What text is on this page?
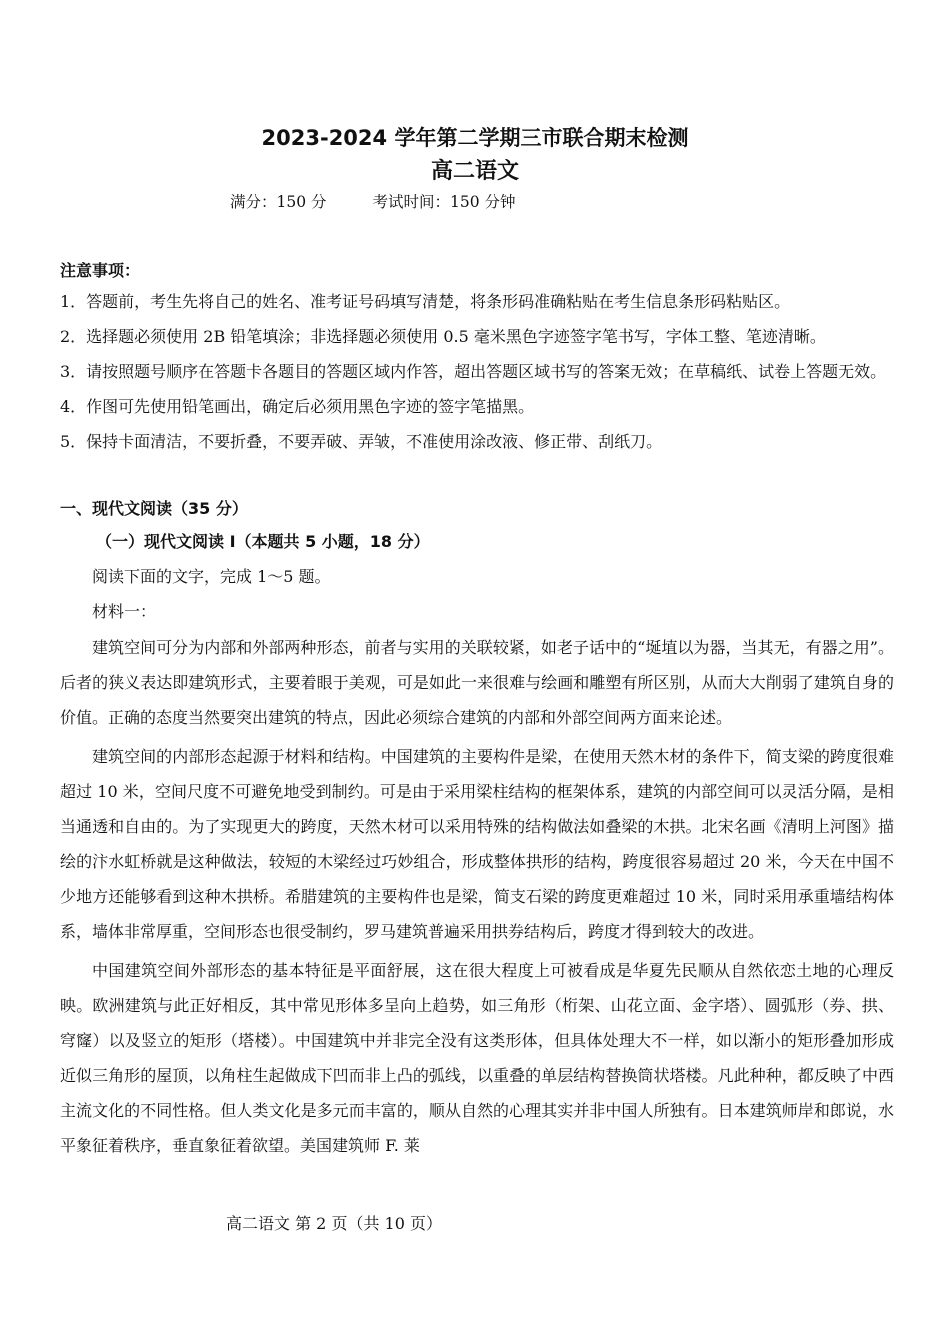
2023-2024 学年第二学期三市联合期末检测
高二语文
满分：150 分	考试时间：150 分钟

注意事项：

1．答题前，考生先将自己的姓名、准考证号码填写清楚，将条形码准确粘贴在考生信息条形码粘贴区。
2．选择题必须使用 2B 铅笔填涂；非选择题必须使用 0.5 毫米黑色字迹签字笔书写，字体工整、笔迹清晰。
3．请按照题号顺序在答题卡各题目的答题区域内作答，超出答题区域书写的答案无效；在草稿纸、试卷上答题无效。
4．作图可先使用铅笔画出，确定后必须用黑色字迹的签字笔描黑。
5．保持卡面清洁，不要折叠，不要弄破、弄皱，不准使用涂改液、修正带、刮纸刀。

一、现代文阅读（35 分）

（一）现代文阅读 I（本题共 5 小题，18 分）

阅读下面的文字，完成 1～5 题。

材料一：

建筑空间可分为内部和外部两种形态，前者与实用的关联较紧，如老子话中的“埏埴以为器，当其无，有器之用”。后者的狭义表达即建筑形式，主要着眼于美观，可是如此一来很难与绘画和雕塑有所区别，从而大大削弱了建筑自身的价值。正确的态度当然要突出建筑的特点，因此必须综合建筑的内部和外部空间两方面来论述。

建筑空间的内部形态起源于材料和结构。中国建筑的主要构件是梁，在使用天然木材的条件下，简支梁的跨度很难超过 10 米，空间尺度不可避免地受到制约。可是由于采用梁柱结构的框架体系，建筑的内部空间可以灵活分隔，是相当通透和自由的。为了实现更大的跨度，天然木材可以采用特殊的结构做法如叠梁的木拱。北宋名画《清明上河图》描绘的汴水虹桥就是这种做法，较短的木梁经过巧妙组合，形成整体拱形的结构，跨度很容易超过 20 米，今天在中国不少地方还能够看到这种木拱桥。希腊建筑的主要构件也是梁，简支石梁的跨度更难超过 10 米，同时采用承重墙结构体系，墙体非常厚重，空间形态也很受制约，罗马建筑普遍采用拱券结构后，跨度才得到较大的改进。

中国建筑空间外部形态的基本特征是平面舒展，这在很大程度上可被看成是华夏先民顺从自然依恋土地的心理反映。欧洲建筑与此正好相反，其中常见形体多呈向上趋势，如三角形（桁架、山花立面、金字塔）、圆弧形（券、拱、穹窿）以及竖立的矩形（塔楼）。中国建筑中并非完全没有这类形体，但具体处理大不一样，如以渐小的矩形叠加形成近似三角形的屋顶，以角柱生起做成下凹而非上凸的弧线，以重叠的单层结构替换筒状塔楼。凡此种种，都反映了中西主流文化的不同性格。但人类文化是多元而丰富的，顺从自然的心理其实并非中国人所独有。日本建筑师岸和郎说，水平象征着秩序，垂直象征着欲望。美国建筑师 F. 莱

高二语文 第 2 页（共 10 页）
